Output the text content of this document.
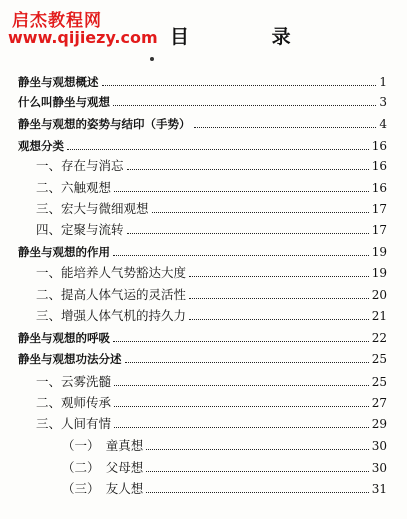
启杰教程网
www.qijiezy.com 目 录
静坐与观想概述	1
什么叫静坐与观想	3
静坐与观想的姿势与结印（手势）	4
观想分类	16
一、存在与消忘	16
二、六触观想	16
三、宏大与微细观想	17
四、定聚与流转	17
静坐与观想的作用	19
一、能培养人气势豁达大度	19
二、提高人体气运的灵活性	20
三、增强人体气机的持久力	21
静坐与观想的呼吸	22
静坐与观想功法分述	25
一、云雾洗髓	25
二、观师传承	27
三、人间有情	29
（一）　童真想	30
（二）　父母想	30
（三）　友人想	31
